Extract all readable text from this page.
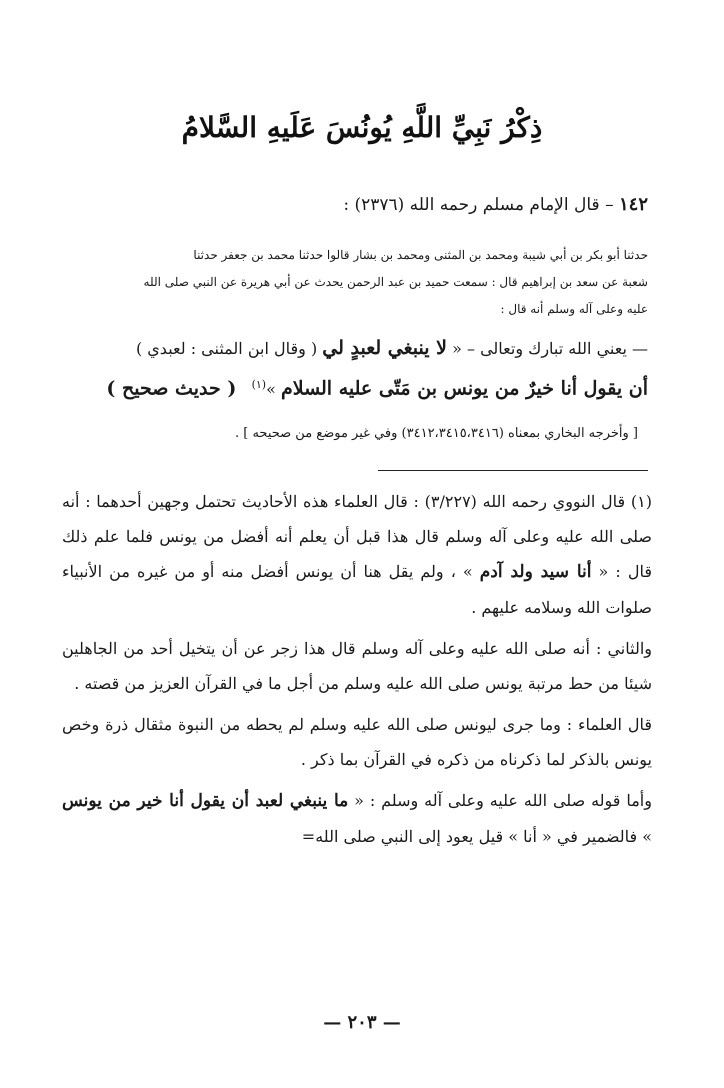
ذِكْرُ نَبِيِّ اللَّهِ يُونُسَ عَلَيهِ السَّلامُ
١٤٢ – قال الإمام مسلم رحمه الله (٢٣٧٦) :

حدثنا أبو بكر بن أبي شيبة ومحمد بن المثنى ومحمد بن بشار قالوا حدثنا محمد بن جعفر حدثنا

شعبة عن سعد بن إبراهيم قال : سمعت حميد بن عبد الرحمن يحدث عن أبي هريرة عن النبي صلى الله

عليه وعلى آله وسلم أنه قال :

— يعني الله تبارك وتعالى – « لا ينبغي لعبدٍ لي ( وقال ابن المثنى : لعبدي )

أن يقول أنا خيرٌ من يونس بن مَتّى عليه السلام »$^{(١)}$   ( حديث صحيح )

[ وأخرجه البخاري بمعناه (٣٤١٢،٣٤١٥،٣٤١٦) وفي غير موضع من صحيحه ] .

(١) قال النووي رحمه الله (٣/٢٢٧) : قال العلماء هذه الأحاديث تحتمل وجهين أحدهما : أنه صلى الله عليه وعلى آله وسلم قال هذا قبل أن يعلم أنه أفضل من يونس فلما علم ذلك قال : « أنا سيد ولد آدم » ، ولم يقل هنا أن يونس أفضل منه أو من غيره من الأنبياء صلوات الله وسلامه عليهم .

والثاني : أنه صلى الله عليه وعلى آله وسلم قال هذا زجر عن أن يتخيل أحد من الجاهلين شيئا من حط مرتبة يونس صلى الله عليه وسلم من أجل ما في القرآن العزيز من قصته .

قال العلماء : وما جرى ليونس صلى الله عليه وسلم لم يحطه من النبوة مثقال ذرة وخص يونس بالذكر لما ذكرناه من ذكره في القرآن بما ذكر .

وأما قوله صلى الله عليه وعلى آله وسلم : « ما ينبغي لعبد أن يقول أنا خير من يونس » فالضمير في « أنا » قيل يعود إلى النبي صلى الله=

— ٢٠٣ —
